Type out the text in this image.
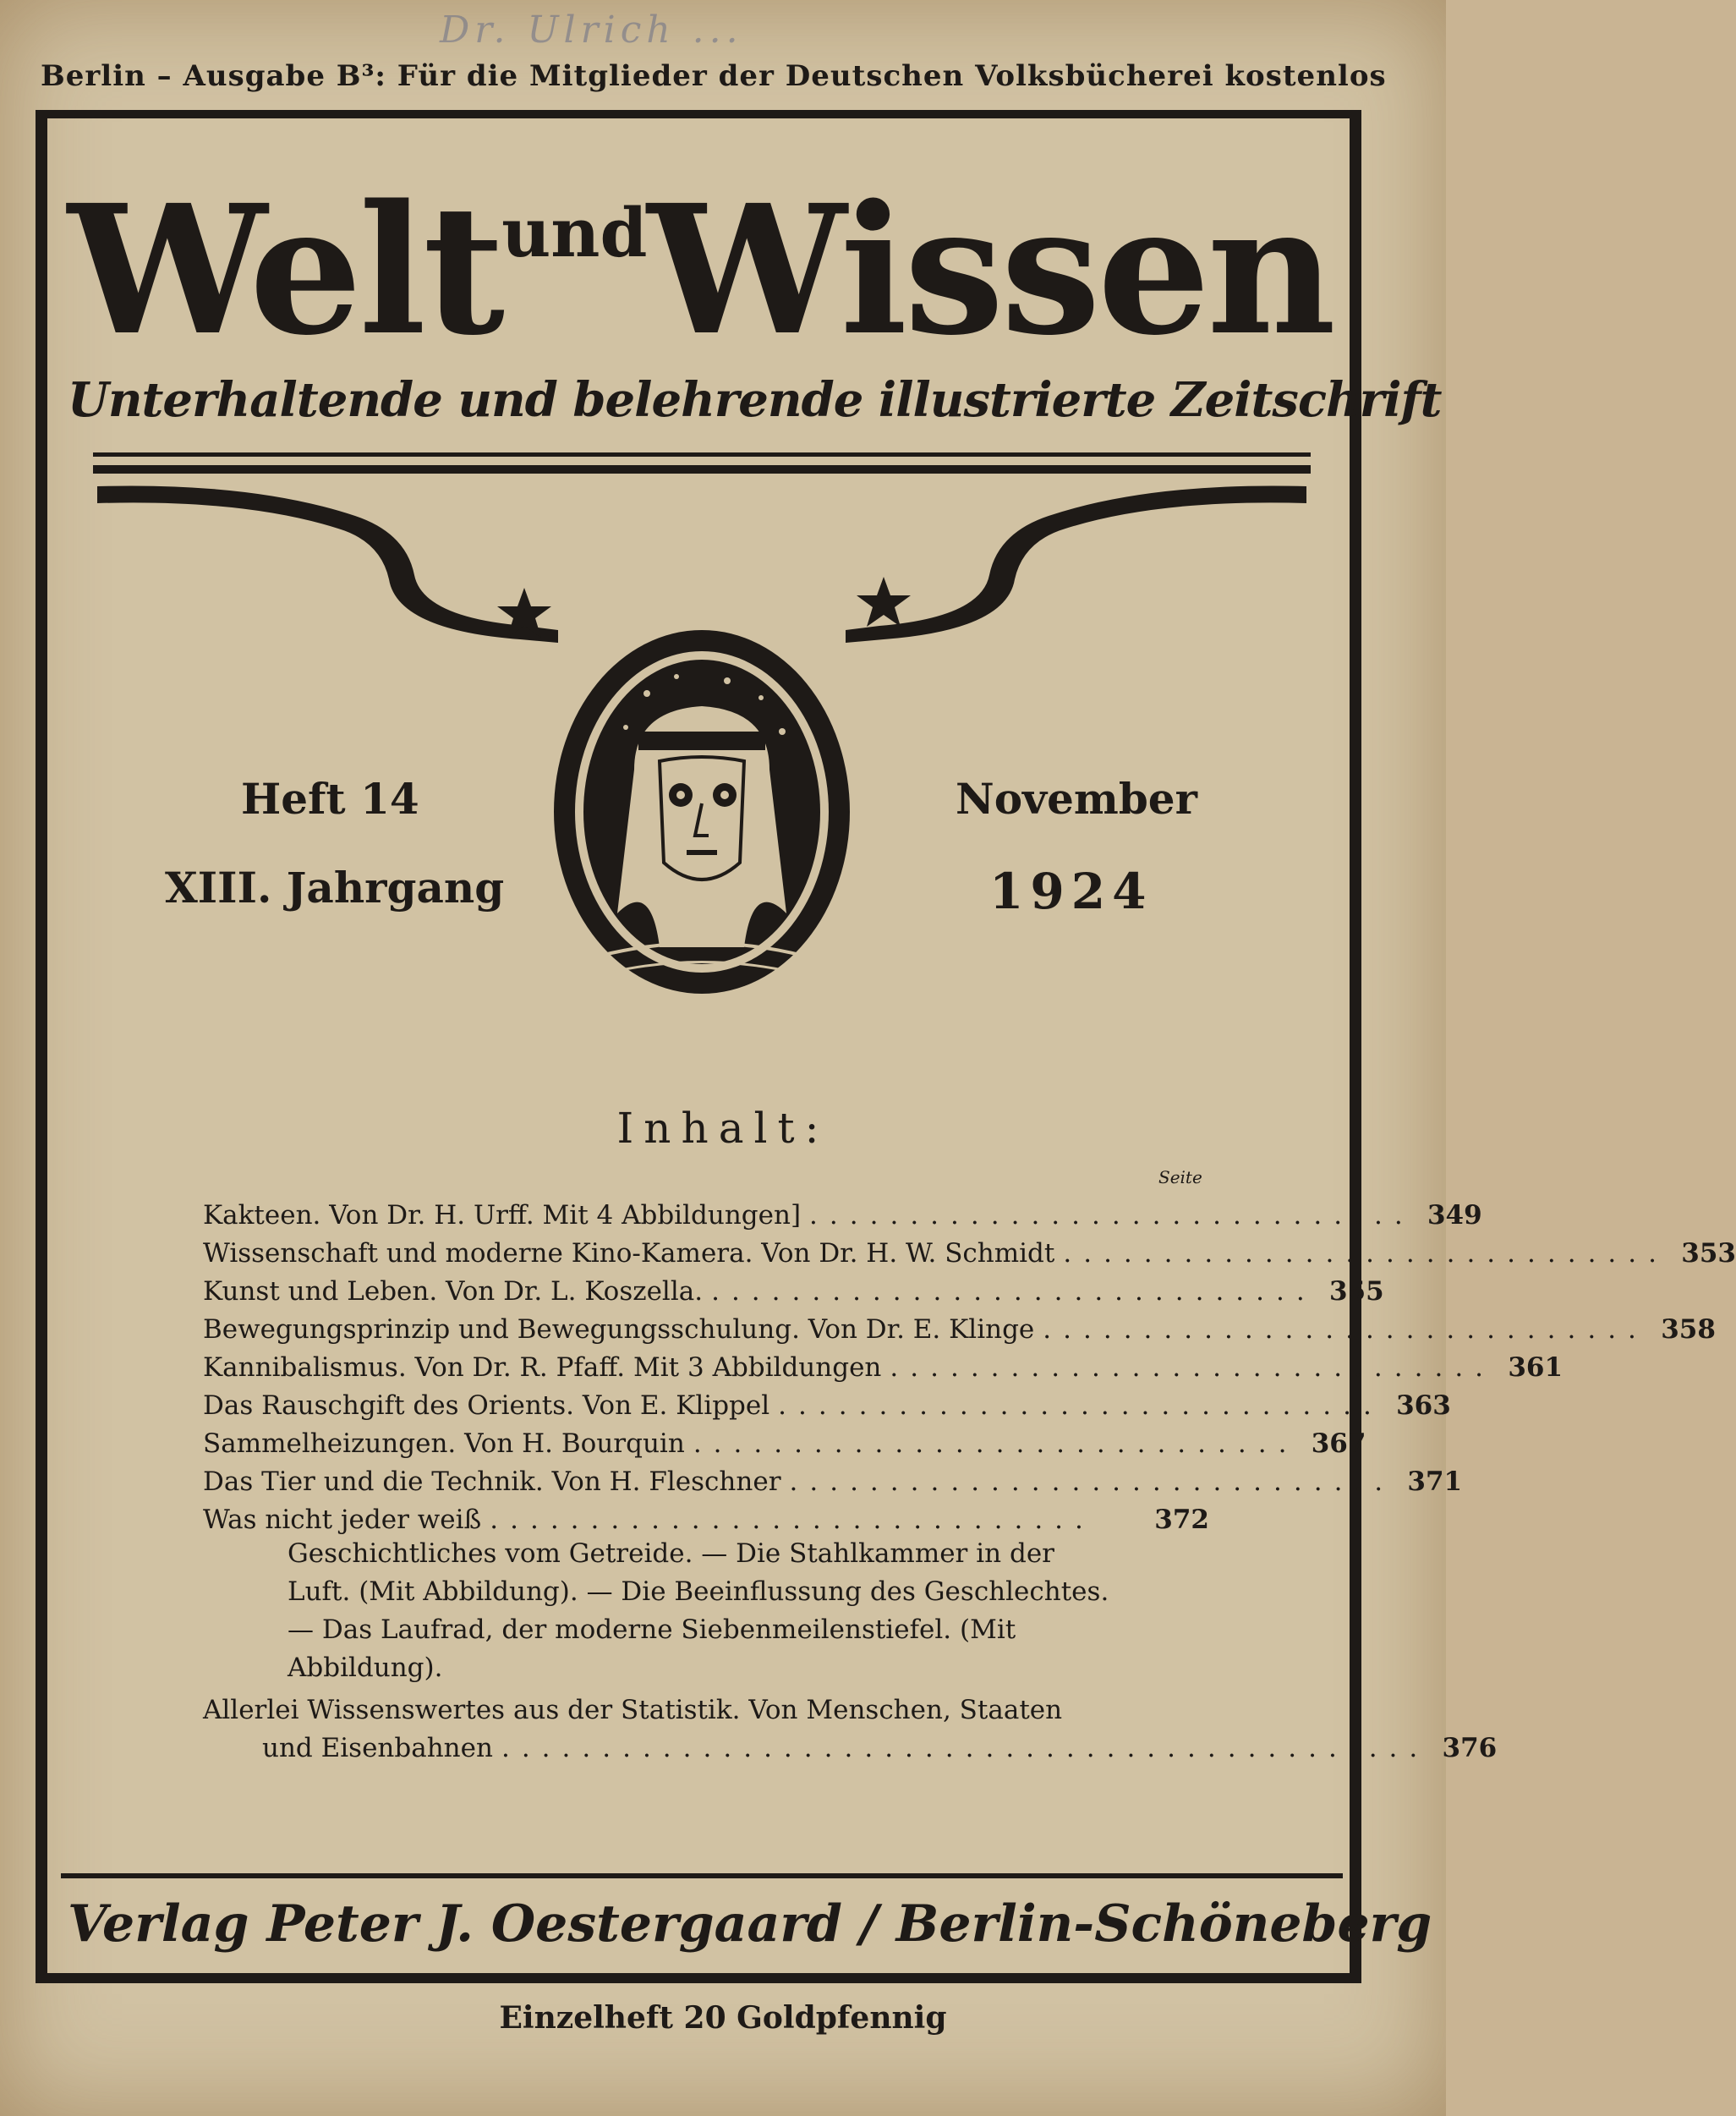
Dr. Ulrich ...
Berlin – Ausgabe B³: Für die Mitglieder der Deutschen Volksbücherei kostenlos
Welt$^{und}$Wissen
Unterhaltende und belehrende illustrierte Zeitschrift
Heft 14
XIII. Jahrgang
November
1924
Inhalt:
Seite
Kakteen. Von Dr. H. Urff. Mit 4 Abbildungen] .............................. 349
Wissenschaft und moderne Kino-Kamera. Von Dr. H. W. Schmidt .............................. 353
Kunst und Leben. Von Dr. L. Koszella. .............................. 355
Bewegungsprinzip und Bewegungsschulung. Von Dr. E. Klinge .............................. 358
Kannibalismus. Von Dr. R. Pfaff. Mit 3 Abbildungen .............................. 361
Das Rauschgift des Orients. Von E. Klippel .............................. 363
Sammelheizungen. Von H. Bourquin .............................. 367
Das Tier und die Technik. Von H. Fleschner .............................. 371
Was nicht jeder weiß ..............................	372
Geschichtliches vom Getreide. — Die Stahlkammer in der Luft. (Mit Abbildung). — Die Beeinflussung des Geschlechtes. — Das Laufrad, der moderne Siebenmeilenstiefel. (Mit Abbildung).
Allerlei Wissenswertes aus der Statistik. Von Menschen, Staaten
und Eisenbahnen .............................................. 376
Verlag Peter J. Oestergaard / Berlin-Schöneberg
Einzelheft 20 Goldpfennig
